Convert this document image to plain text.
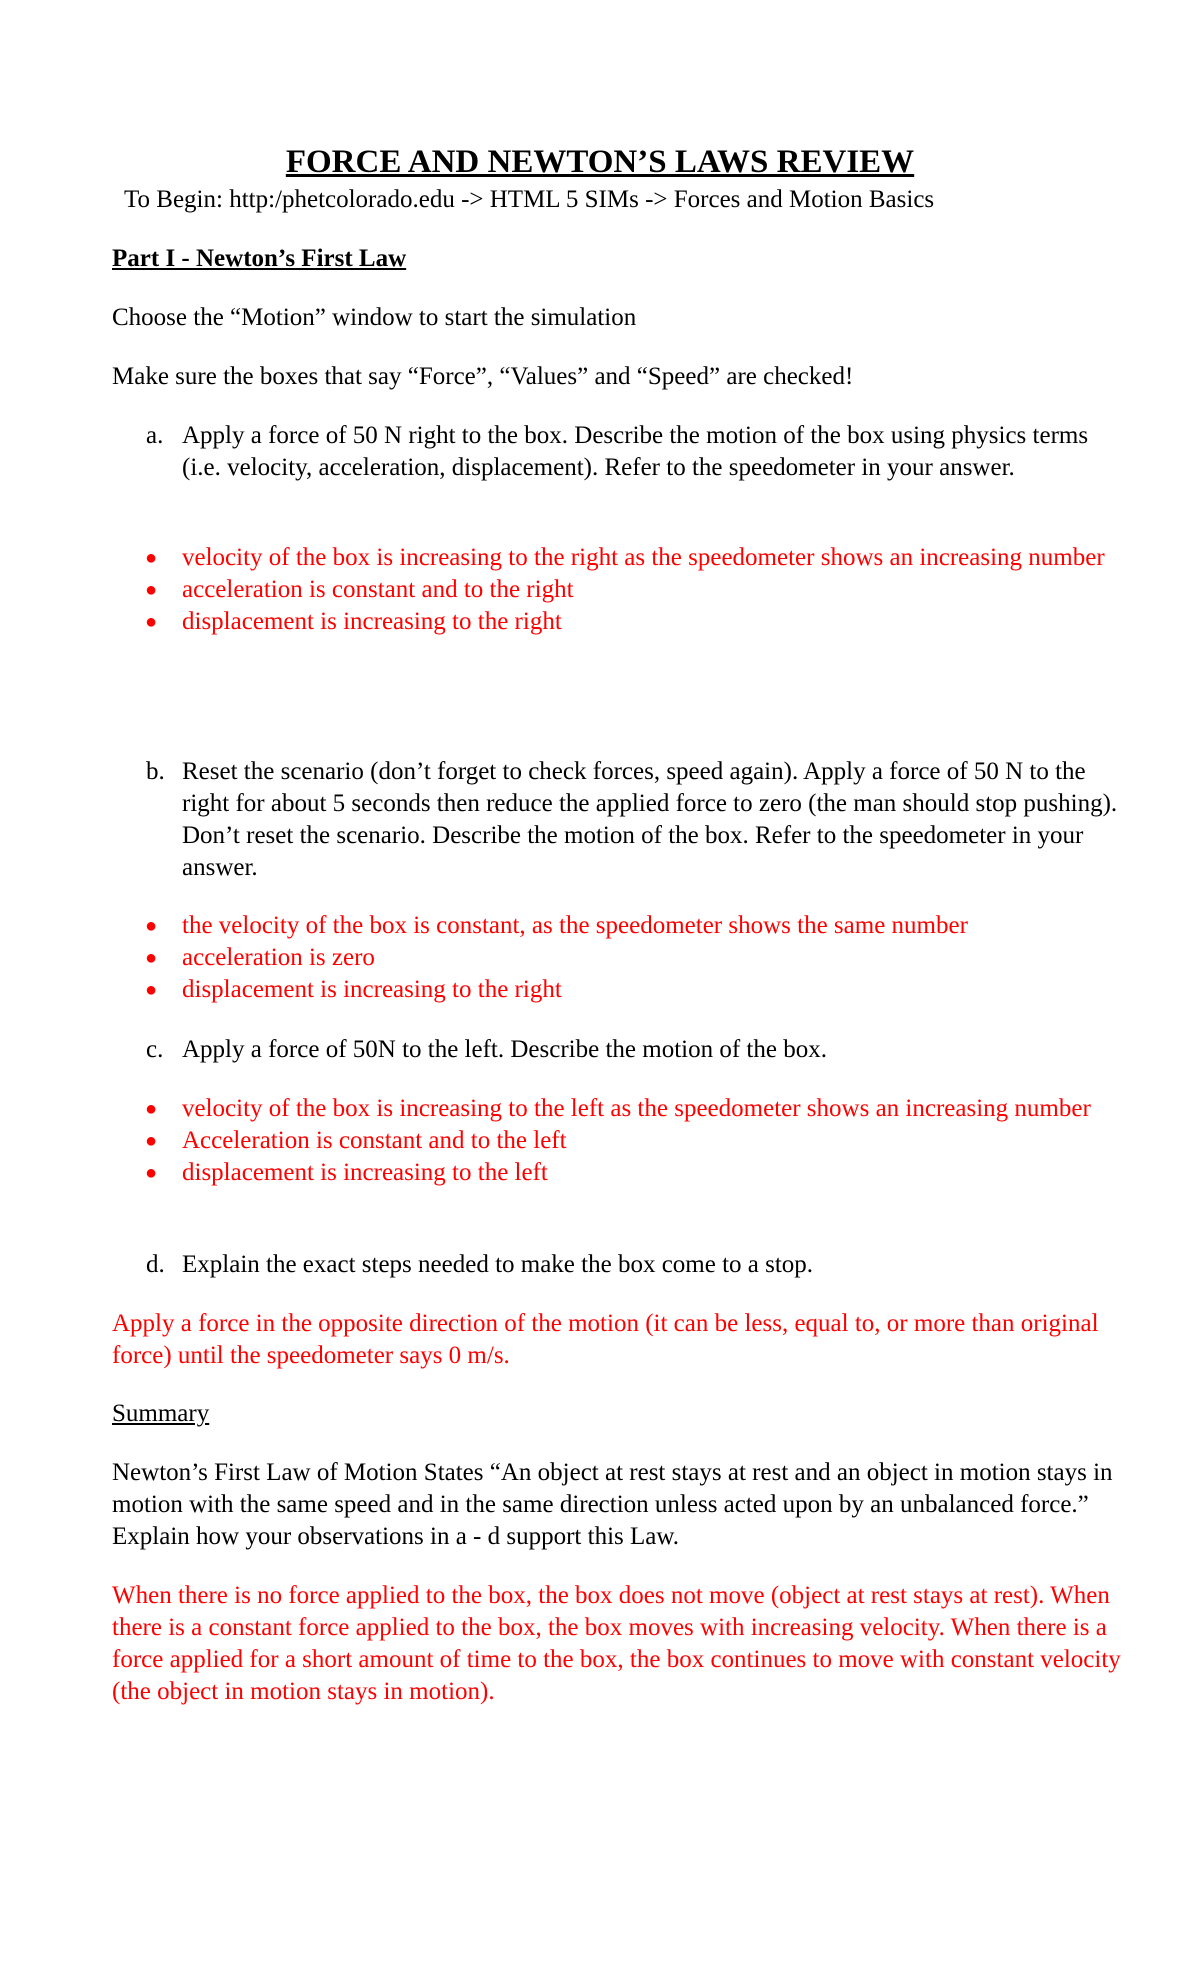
FORCE AND NEWTON’S LAWS REVIEW

To Begin: http:/phetcolorado.edu -> HTML 5 SIMs -> Forces and Motion Basics

Part I - Newton’s First Law

Choose the “Motion” window to start the simulation

Make sure the boxes that say “Force”, “Values” and “Speed” are checked!

a. Apply a force of 50 N right to the box. Describe the motion of the box using physics terms (i.e. velocity, acceleration, displacement). Refer to the speedometer in your answer.
● velocity of the box is increasing to the right as the speedometer shows an increasing number
● acceleration is constant and to the right
● displacement is increasing to the right
b. Reset the scenario (don’t forget to check forces, speed again). Apply a force of 50 N to the right for about 5 seconds then reduce the applied force to zero (the man should stop pushing). Don’t reset the scenario. Describe the motion of the box. Refer to the speedometer in your answer.
● the velocity of the box is constant, as the speedometer shows the same number
● acceleration is zero
● displacement is increasing to the right
c. Apply a force of 50N to the left. Describe the motion of the box.
● velocity of the box is increasing to the left as the speedometer shows an increasing number
● Acceleration is constant and to the left
● displacement is increasing to the left
d. Explain the exact steps needed to make the box come to a stop.

Apply a force in the opposite direction of the motion (it can be less, equal to, or more than original force) until the speedometer says 0 m/s.

Summary

Newton’s First Law of Motion States “An object at rest stays at rest and an object in motion stays in motion with the same speed and in the same direction unless acted upon by an unbalanced force.” Explain how your observations in a - d support this Law.

When there is no force applied to the box, the box does not move (object at rest stays at rest). When there is a constant force applied to the box, the box moves with increasing velocity. When there is a force applied for a short amount of time to the box, the box continues to move with constant velocity (the object in motion stays in motion).
